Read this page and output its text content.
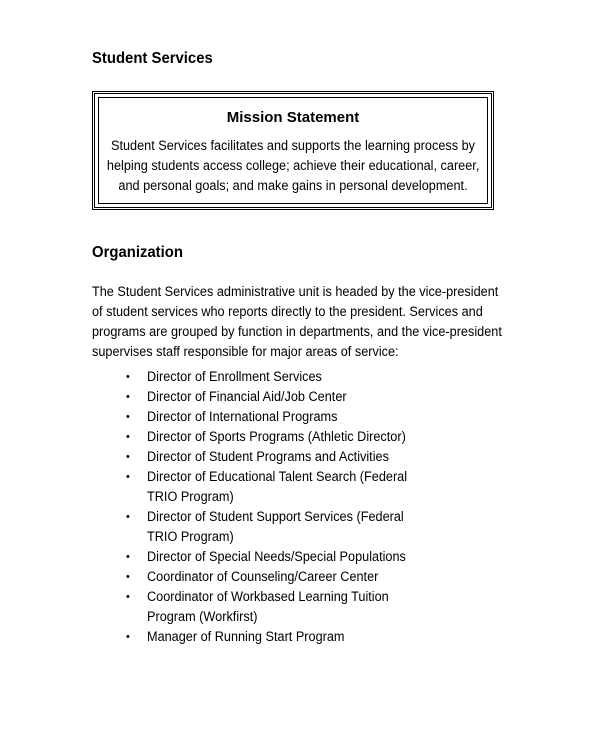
Student Services
Mission Statement
Student Services facilitates and supports the learning process by
helping students access college; achieve their educational, career,
and personal goals; and make gains in personal development.
Organization
The Student Services administrative unit is headed by the vice-president
of student services who reports directly to the president. Services and
programs are grouped by function in departments, and the vice-president
supervises staff responsible for major areas of service:
•	Director of Enrollment Services
•	Director of Financial Aid/Job Center
•	Director of International Programs
•	Director of Sports Programs (Athletic Director)
•	Director of Student Programs and Activities
•	Director of Educational Talent Search (Federal
TRIO Program)
•	Director of Student Support Services (Federal
TRIO Program)
•	Director of Special Needs/Special Populations
•	Coordinator of Counseling/Career Center
•	Coordinator of Workbased Learning Tuition
Program (Workfirst)
•	Manager of Running Start Program
